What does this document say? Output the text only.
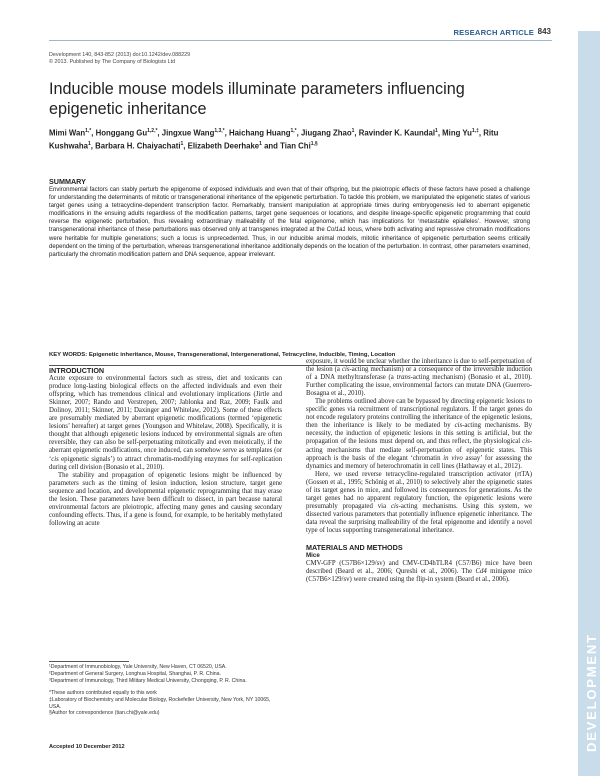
DEVELOPMENT
RESEARCH ARTICLE 843
Development 140, 843-852 (2013) doi:10.1242/dev.088229
© 2013. Published by The Company of Biologists Ltd
Inducible mouse models illuminate parameters influencing epigenetic inheritance
Mimi Wan$^{1,*}$, Honggang $Gu^{1,2,*}$, Jingxue Wang$^{1,3,*}$, Haichang Huang$^{1,*}$, Jiugang Zhao$^1$, Ravinder K. Kaundal$^1$, Ming $Yu^{1,\ddagger}$, Ritu Kushwaha$^1$, Barbara H. Chaiyachati$^1$, Elizabeth Deerhake$^1$ and Tian Chi$^{1,\S}$
SUMMARY

Environmental factors can stably perturb the epigenome of exposed individuals and even that of their offspring, but the pleiotropic effects of these factors have posed a challenge for understanding the determinants of mitotic or transgenerational inheritance of the epigenetic perturbation. To tackle this problem, we manipulated the epigenetic states of various target genes using a tetracycline-dependent transcription factor. Remarkably, transient manipulation at appropriate times during embryogenesis led to aberrant epigenetic modifications in the ensuing adults regardless of the modification patterns, target gene sequences or locations, and despite lineage-specific epigenetic programming that could reverse the epigenetic perturbation, thus revealing extraordinary malleability of the fetal epigenome, which has implications for ‘metastable epialleles’. However, strong transgenerational inheritance of these perturbations was observed only at transgenes integrated at the Col1a1 locus, where both activating and repressive chromatin modifications were heritable for multiple generations; such a locus is unprecedented. Thus, in our inducible animal models, mitotic inheritance of epigenetic perturbation seems critically dependent on the timing of the perturbation, whereas transgenerational inheritance additionally depends on the location of the perturbation. In contrast, other parameters examined, particularly the chromatin modification pattern and DNA sequence, appear irrelevant.

KEY WORDS: Epigenetic inheritance, Mouse, Transgenerational, Intergenerational, Tetracycline, Inducible, Timing, Location
INTRODUCTION

Acute exposure to environmental factors such as stress, diet and toxicants can produce long-lasting biological effects on the affected individuals and even their offspring, which has tremendous clinical and evolutionary implications (Jirtle and Skinner, 2007; Rando and Verstrepen, 2007; Jablonka and Raz, 2009; Faulk and Dolinoy, 2011; Skinner, 2011; Daxinger and Whitelaw, 2012). Some of these effects are presumably mediated by aberrant epigenetic modifications (termed ‘epigenetic lesions’ hereafter) at target genes (Youngson and Whitelaw, 2008). Specifically, it is thought that although epigenetic lesions induced by environmental signals are often reversible, they can also be self-perpetuating mitotically and even meiotically, if the aberrant epigenetic modifications, once induced, can somehow serve as templates (or ‘cis epigenetic signals’) to attract chromatin-modifying enzymes for self-replication during cell division (Bonasio et al., 2010).

The stability and propagation of epigenetic lesions might be influenced by parameters such as the timing of lesion induction, lesion structure, target gene sequence and location, and developmental epigenetic reprogramming that may erase the lesion. These parameters have been difficult to dissect, in part because natural environmental factors are pleiotropic, affecting many genes and causing secondary confounding effects. Thus, if a gene is found, for example, to be heritably methylated following an acute

exposure, it would be unclear whether the inheritance is due to self-perpetuation of the lesion (a cis-acting mechanism) or a consequence of the irreversible induction of a DNA methyltransferase (a trans-acting mechanism) (Bonasio et al., 2010). Further complicating the issue, environmental factors can mutate DNA (Guerrero-Bosagna et al., 2010).

The problems outlined above can be bypassed by directing epigenetic lesions to specific genes via recruitment of transcriptional regulators. If the target genes do not encode regulatory proteins controlling the inheritance of the epigenetic lesions, then the inheritance is likely to be mediated by cis-acting mechanisms. By necessity, the induction of epigenetic lesions in this setting is artificial, but the propagation of the lesions must depend on, and thus reflect, the physiological cis-acting mechanisms that mediate self-perpetuation of epigenetic states. This approach is the basis of the elegant ‘chromatin in vivo assay’ for assessing the dynamics and memory of heterochromatin in cell lines (Hathaway et al., 2012).

Here, we used reverse tetracycline-regulated transcription activator (rtTA) (Gossen et al., 1995; Schönig et al., 2010) to selectively alter the epigenetic states of its target genes in mice, and followed its consequences for generations. As the target genes had no apparent regulatory function, the epigenetic lesions were presumably propagated via cis-acting mechanisms. Using this system, we dissected various parameters that potentially influence epigenetic inheritance. The data reveal the surprising malleability of the fetal epigenome and identify a novel type of locus supporting transgenerational inheritance.

MATERIALS AND METHODS
Mice

CMV-GFP (C57B6×129/sv) and CMV-CD4hTLR4 (C57/B6) mice have been described (Beard et al., 2006; Qureshi et al., 2006). The Cd4 minigene mice (C57B6×129/sv) were created using the flip-in system (Beard et al., 2006).

¹Department of Immunobiology, Yale University, New Haven, CT 06520, USA.
²Department of General Surgery, Longhua Hospital, Shanghai, P. R. China.
³Department of Immunology, Third Military Medical University, Chongqing, P. R. China.
*These authors contributed equally to this work
‡Laboratory of Biochemistry and Molecular Biology, Rockefeller University, New York, NY 10065, USA.
§Author for correspondence (tian.chi@yale.edu)
Accepted 10 December 2012
